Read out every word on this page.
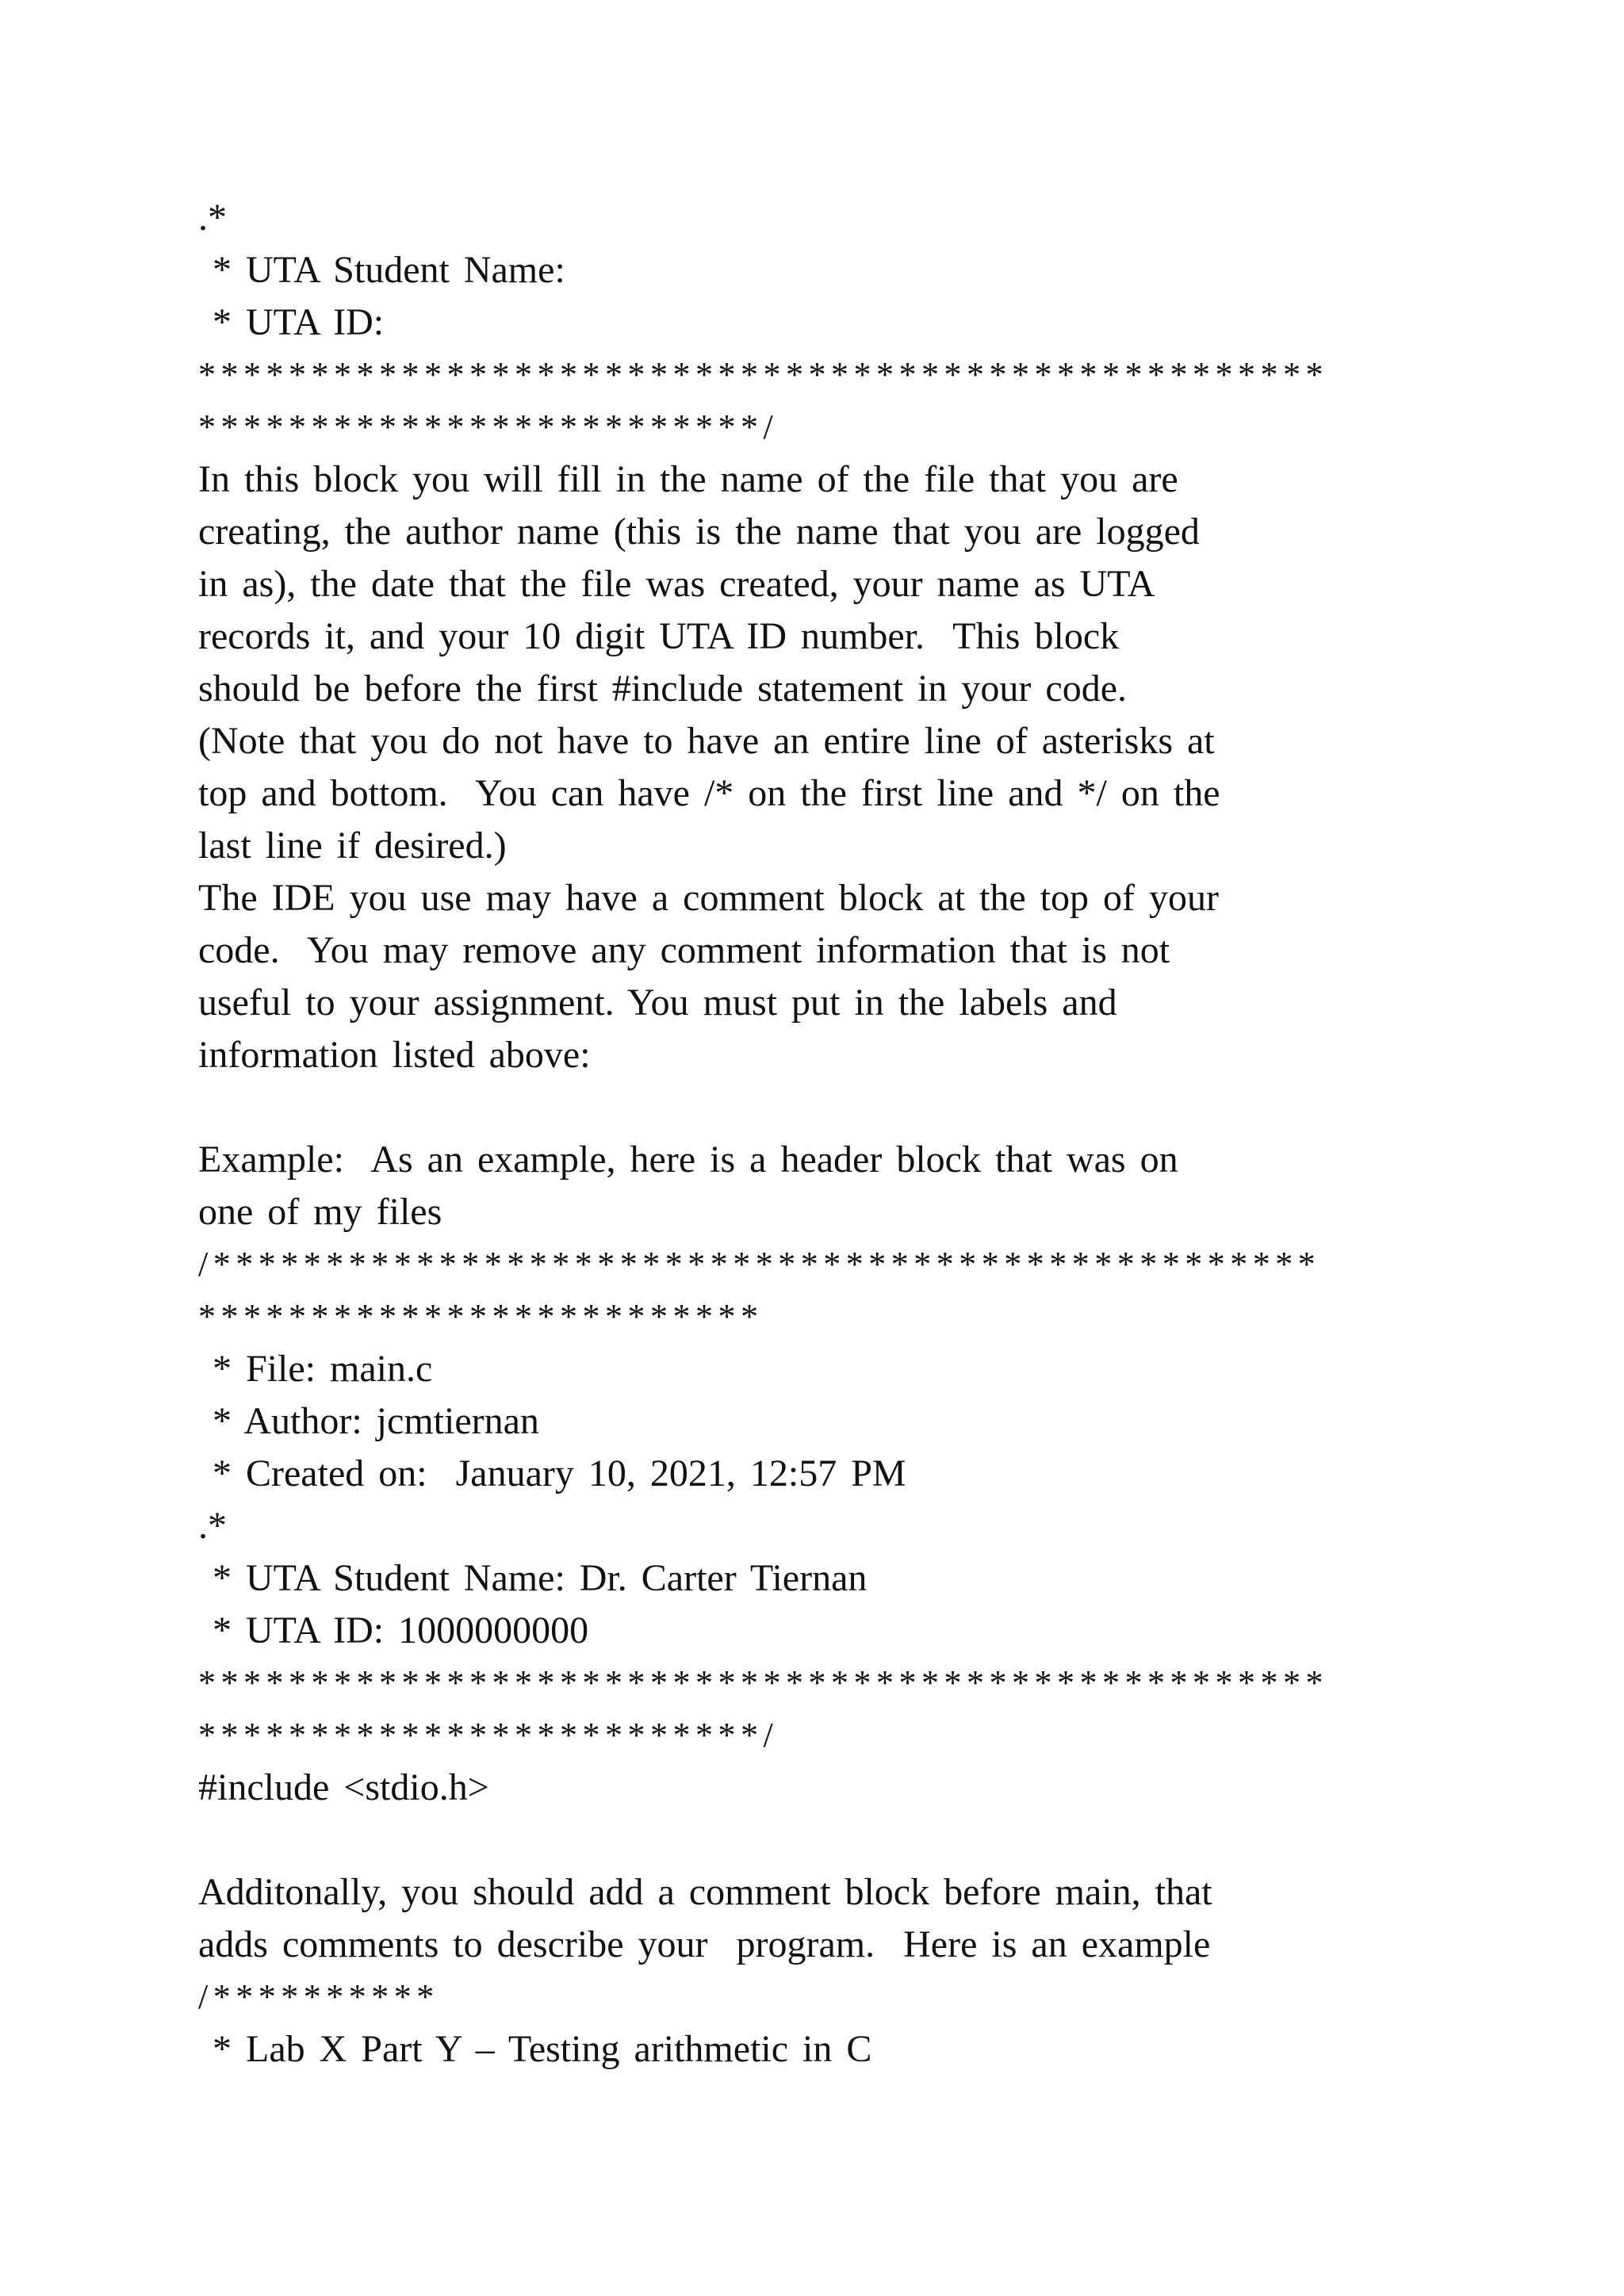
.*
* UTA Student Name:
* UTA ID:
**************************************************
*************************/
In this block you will fill in the name of the file that you are
creating, the author name (this is the name that you are logged
in as), the date that the file was created, your name as UTA
records it, and your 10 digit UTA ID number.  This block
should be before the first #include statement in your code.
(Note that you do not have to have an entire line of asterisks at
top and bottom.  You can have /* on the first line and */ on the
last line if desired.)
The IDE you use may have a comment block at the top of your
code.  You may remove any comment information that is not
useful to your assignment. You must put in the labels and
information listed above:
Example:  As an example, here is a header block that was on
one of my files
/*************************************************
*************************
* File: main.c
* Author: jcmtiernan
* Created on:  January 10, 2021, 12:57 PM
.*
* UTA Student Name: Dr. Carter Tiernan
* UTA ID: 1000000000
**************************************************
*************************/
#include <stdio.h>
Additonally, you should add a comment block before main, that
adds comments to describe your  program.  Here is an example
/**********
* Lab X Part Y – Testing arithmetic in C
